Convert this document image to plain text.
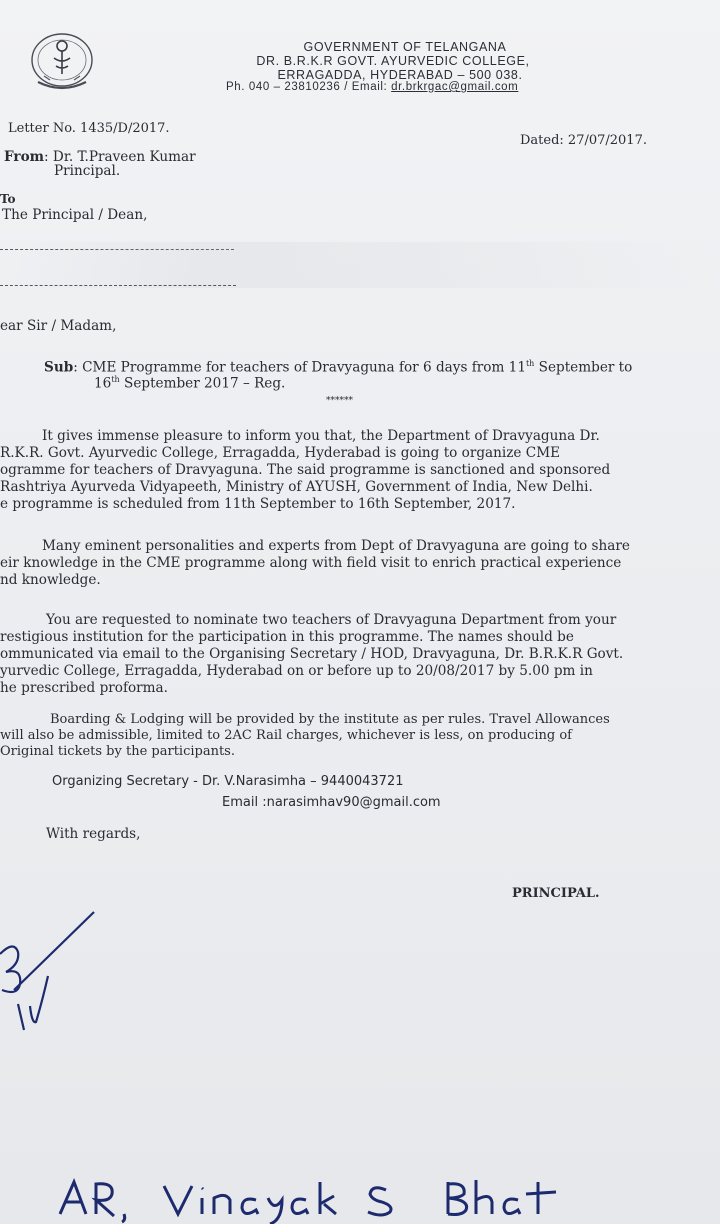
GOVERNMENT OF TELANGANA
DR. B.R.K.R GOVT. AYURVEDIC COLLEGE,
ERRAGADDA, HYDERABAD – 500 038.
Ph. 040 – 23810236 / Email: dr.brkrgac@gmail.com
Letter No. 1435/D/2017.
Dated: 27/07/2017.
From: Dr. T.Praveen Kumar
Principal.
To
The Principal / Dean,
ear Sir / Madam,
Sub: CME Programme for teachers of Dravyaguna for 6 days from 11th September to
16th September 2017 – Reg.
******
It gives immense pleasure to inform you that, the Department of Dravyaguna Dr.
R.K.R. Govt. Ayurvedic College, Erragadda, Hyderabad is going to organize CME
ogramme for teachers of Dravyaguna. The said programme is sanctioned and sponsored
Rashtriya Ayurveda Vidyapeeth, Ministry of AYUSH, Government of India, New Delhi.
e programme is scheduled from 11th September to 16th September, 2017.
Many eminent personalities and experts from Dept of Dravyaguna are going to share
eir knowledge in the CME programme along with field visit to enrich practical experience
nd knowledge.
You are requested to nominate two teachers of Dravyaguna Department from your
restigious institution for the participation in this programme. The names should be
ommunicated via email to the Organising Secretary / HOD, Dravyaguna, Dr. B.R.K.R Govt.
yurvedic College, Erragadda, Hyderabad on or before up to 20/08/2017 by 5.00 pm in
he prescribed proforma.
Boarding & Lodging will be provided by the institute as per rules. Travel Allowances
will also be admissible, limited to 2AC Rail charges, whichever is less, on producing of
Original tickets by the participants.
Organizing Secretary - Dr. V.Narasimha – 9440043721
Email :narasimhav90@gmail.com
With regards,
PRINCIPAL.
